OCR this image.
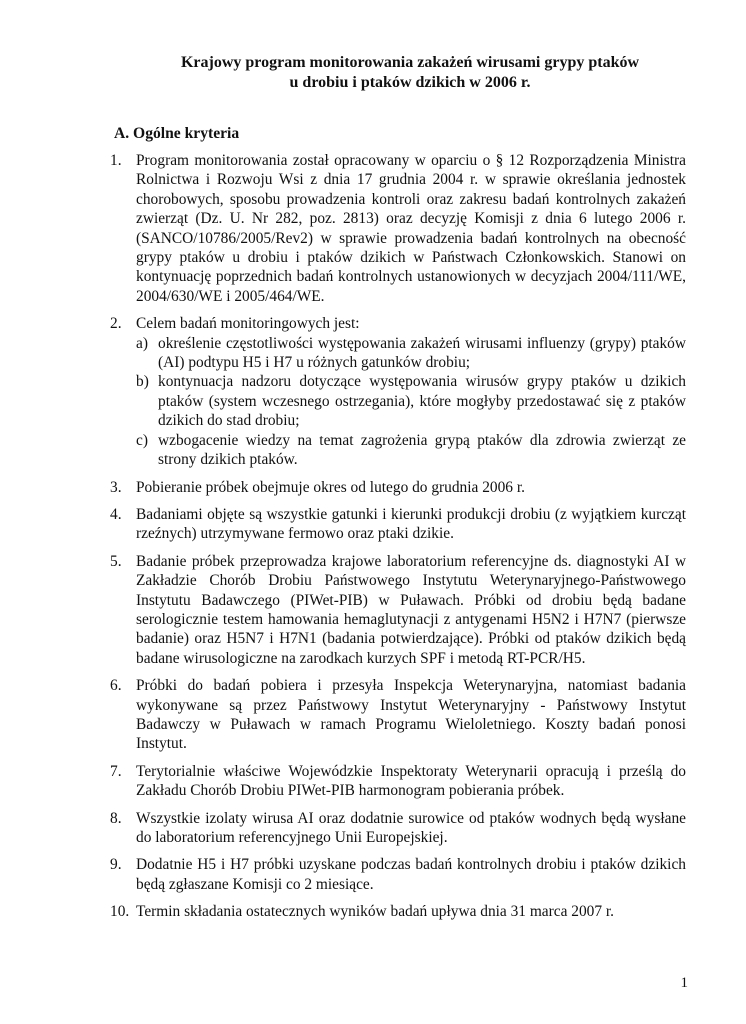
Krajowy program monitorowania zakażeń wirusami grypy ptaków
u drobiu i ptaków dzikich w 2006 r.
A. Ogólne kryteria
1. Program monitorowania został opracowany w oparciu o § 12 Rozporządzenia Ministra Rolnictwa i Rozwoju Wsi z dnia 17 grudnia 2004 r. w sprawie określania jednostek chorobowych, sposobu prowadzenia kontroli oraz zakresu badań kontrolnych zakażeń zwierząt (Dz. U. Nr 282, poz. 2813) oraz decyzję Komisji z dnia 6 lutego 2006 r. (SANCO/10786/2005/Rev2) w sprawie prowadzenia badań kontrolnych na obecność grypy ptaków u drobiu i ptaków dzikich w Państwach Członkowskich. Stanowi on kontynuację poprzednich badań kontrolnych ustanowionych w decyzjach 2004/111/WE, 2004/630/WE i 2005/464/WE.
2. Celem badań monitoringowych jest:
a) określenie częstotliwości występowania zakażeń wirusami influenzy (grypy) ptaków (AI) podtypu H5 i H7 u różnych gatunków drobiu;
b) kontynuacja nadzoru dotyczące występowania wirusów grypy ptaków u dzikich ptaków (system wczesnego ostrzegania), które mogłyby przedostawać się z ptaków dzikich do stad drobiu;
c) wzbogacenie wiedzy na temat zagrożenia grypą ptaków dla zdrowia zwierząt ze strony dzikich ptaków.
3. Pobieranie próbek obejmuje okres od lutego do grudnia 2006 r.
4. Badaniami objęte są wszystkie gatunki i kierunki produkcji drobiu (z wyjątkiem kurcząt rzeźnych) utrzymywane fermowo oraz ptaki dzikie.
5. Badanie próbek przeprowadza krajowe laboratorium referencyjne ds. diagnostyki AI w Zakładzie Chorób Drobiu Państwowego Instytutu Weterynaryjnego-Państwowego Instytutu Badawczego (PIWet-PIB) w Puławach. Próbki od drobiu będą badane serologicznie testem hamowania hemaglutynacji z antygenami H5N2 i H7N7 (pierwsze badanie) oraz H5N7 i H7N1 (badania potwierdzające). Próbki od ptaków dzikich będą badane wirusologiczne na zarodkach kurzych SPF i metodą RT-PCR/H5.
6. Próbki do badań pobiera i przesyła Inspekcja Weterynaryjna, natomiast badania wykonywane są przez Państwowy Instytut Weterynaryjny - Państwowy Instytut Badawczy w Puławach w ramach Programu Wieloletniego. Koszty badań ponosi Instytut.
7. Terytorialnie właściwe Wojewódzkie Inspektoraty Weterynarii opracują i prześlą do Zakładu Chorób Drobiu PIWet-PIB harmonogram pobierania próbek.
8. Wszystkie izolaty wirusa AI oraz dodatnie surowice od ptaków wodnych będą wysłane do laboratorium referencyjnego Unii Europejskiej.
9. Dodatnie H5 i H7 próbki uzyskane podczas badań kontrolnych drobiu i ptaków dzikich będą zgłaszane Komisji co 2 miesiące.
10. Termin składania ostatecznych wyników badań upływa dnia 31 marca 2007 r.
1
